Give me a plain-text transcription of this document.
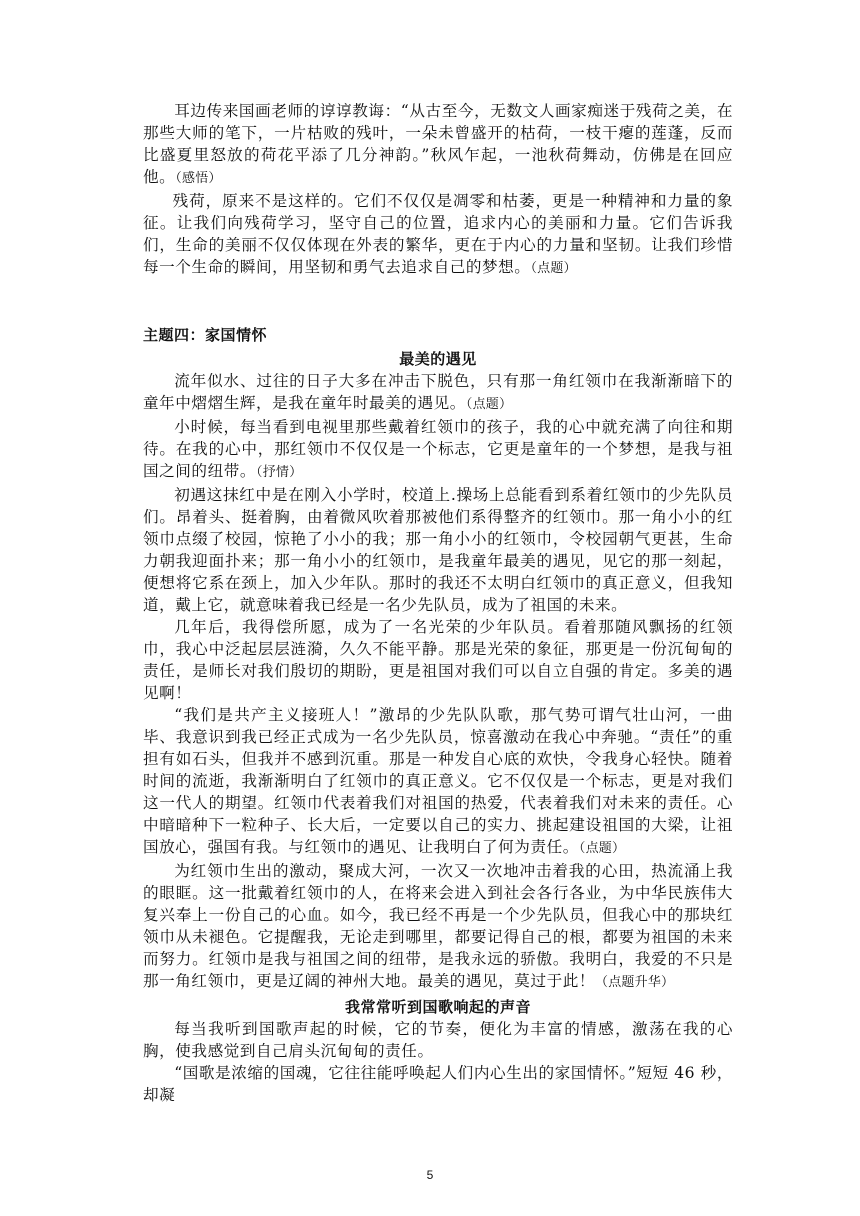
耳边传来国画老师的谆谆教诲：“从古至今，无数文人画家痴迷于残荷之美，在那些大师的笔下，一片枯败的残叶，一朵未曾盛开的枯荷，一枝干瘪的莲蓬，反而比盛夏里怒放的荷花平添了几分神韵。”秋风乍起，一池秋荷舞动，仿佛是在回应他。（感悟）

残荷，原来不是这样的。它们不仅仅是凋零和枯萎，更是一种精神和力量的象征。让我们向残荷学习，坚守自己的位置，追求内心的美丽和力量。它们告诉我们，生命的美丽不仅仅体现在外表的繁华，更在于内心的力量和坚韧。让我们珍惜每一个生命的瞬间，用坚韧和勇气去追求自己的梦想。（点题）

主题四：家国情怀

最美的遇见

流年似水、过往的日子大多在冲击下脱色，只有那一角红领巾在我渐渐暗下的童年中熠熠生辉，是我在童年时最美的遇见。（点题）

小时候，每当看到电视里那些戴着红领巾的孩子，我的心中就充满了向往和期待。在我的心中，那红领巾不仅仅是一个标志，它更是童年的一个梦想，是我与祖国之间的纽带。（抒情）

初遇这抹红中是在刚入小学时，校道上.操场上总能看到系着红领巾的少先队员们。昂着头、挺着胸，由着微风吹着那被他们系得整齐的红领巾。那一角小小的红领巾点缀了校园，惊艳了小小的我；那一角小小的红领巾，令校园朝气更甚，生命力朝我迎面扑来；那一角小小的红领巾，是我童年最美的遇见，见它的那一刻起，便想将它系在颈上，加入少年队。那时的我还不太明白红领巾的真正意义，但我知道，戴上它，就意味着我已经是一名少先队员，成为了祖国的未来。

几年后，我得偿所愿，成为了一名光荣的少年队员。看着那随风飘扬的红领巾，我心中泛起层层涟漪，久久不能平静。那是光荣的象征，那更是一份沉甸甸的责任，是师长对我们殷切的期盼，更是祖国对我们可以自立自强的肯定。多美的遇见啊！

“我们是共产主义接班人！”激昂的少先队队歌，那气势可谓气壮山河，一曲毕、我意识到我已经正式成为一名少先队员，惊喜激动在我心中奔驰。“责任”的重担有如石头，但我并不感到沉重。那是一种发自心底的欢快，令我身心轻快。随着时间的流逝，我渐渐明白了红领巾的真正意义。它不仅仅是一个标志，更是对我们这一代人的期望。红领巾代表着我们对祖国的热爱，代表着我们对未来的责任。心中暗暗种下一粒种子、长大后，一定要以自己的实力、挑起建设祖国的大梁，让祖国放心，强国有我。与红领巾的遇见、让我明白了何为责任。（点题）

为红领巾生出的激动，聚成大河，一次又一次地冲击着我的心田，热流涌上我的眼眶。这一批戴着红领巾的人，在将来会进入到社会各行各业，为中华民族伟大复兴奉上一份自己的心血。如今，我已经不再是一个少先队员，但我心中的那块红领巾从未褪色。它提醒我，无论走到哪里，都要记得自己的根，都要为祖国的未来而努力。红领巾是我与祖国之间的纽带，是我永远的骄傲。我明白，我爱的不只是那一角红领巾，更是辽阔的神州大地。最美的遇见，莫过于此！（点题升华）

我常常听到国歌响起的声音

每当我听到国歌声起的时候，它的节奏，便化为丰富的情感，激荡在我的心胸，使我感觉到自己肩头沉甸甸的责任。

“国歌是浓缩的国魂，它往往能呼唤起人们内心生出的家国情怀。”短短 46 秒，却凝

5
